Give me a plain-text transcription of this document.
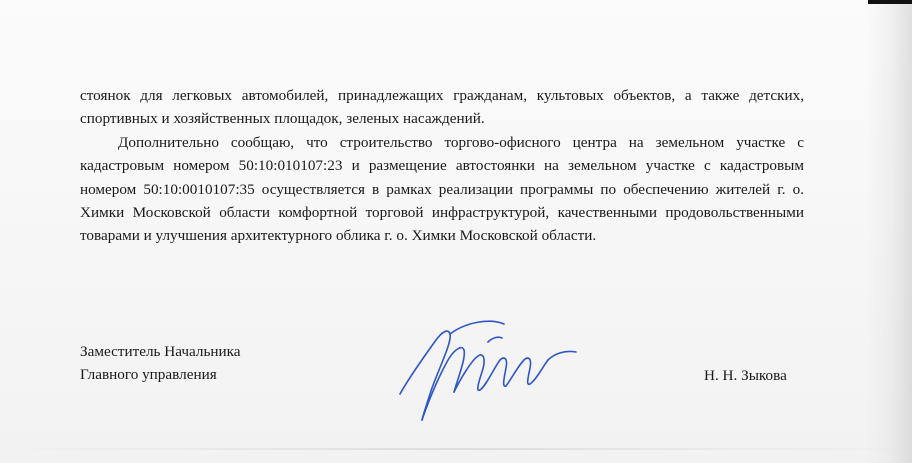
стоянок для легковых автомобилей, принадлежащих гражданам, культовых объектов, а также детских, спортивных и хозяйственных площадок, зеленых насаждений.

Дополнительно сообщаю, что строительство торгово-офисного центра на земельном участке с кадастровым номером 50:10:010107:23 и размещение автостоянки на земельном участке с кадастровым номером 50:10:0010107:35 осуществляется в рамках реализации программы по обеспечению жителей г. о. Химки Московской области комфортной торговой инфраструктурой, качественными продовольственными товарами и улучшения архитектурного облика г. о. Химки Московской области.

Заместитель Начальника
Главного управления	Н. Н. Зыкова
